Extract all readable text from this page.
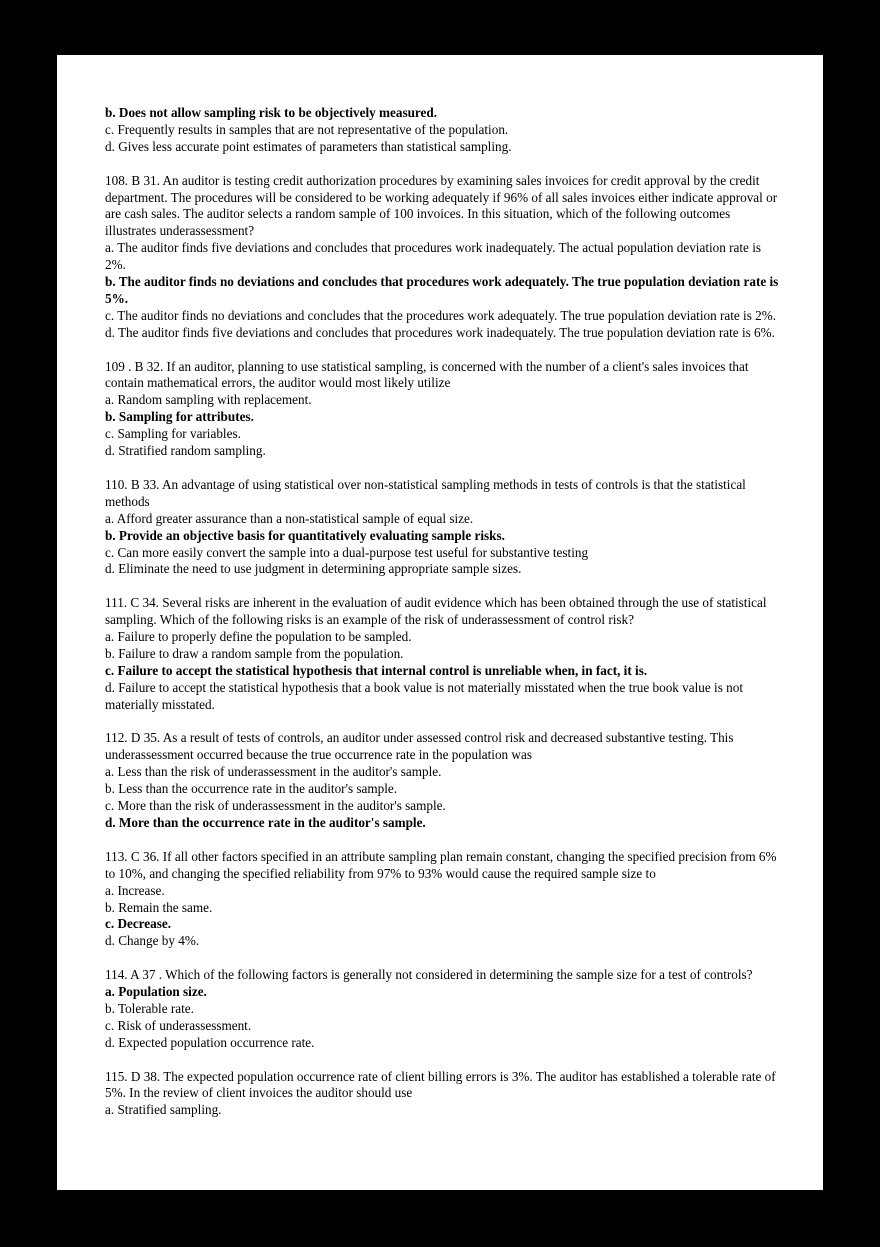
b. Does not allow sampling risk to be objectively measured.
c. Frequently results in samples that are not representative of the population.
d. Gives less accurate point estimates of parameters than statistical sampling.
108. B 31. An auditor is testing credit authorization procedures by examining sales invoices for credit approval by the credit department. The procedures will be considered to be working adequately if 96% of all sales invoices either indicate approval or are cash sales. The auditor selects a random sample of 100 invoices. In this situation, which of the following outcomes illustrates underassessment?
a. The auditor finds five deviations and concludes that procedures work inadequately. The actual population deviation rate is 2%.
b. The auditor finds no deviations and concludes that procedures work adequately. The true population deviation rate is 5%.
c. The auditor finds no deviations and concludes that the procedures work adequately. The true population deviation rate is 2%.
d. The auditor finds five deviations and concludes that procedures work inadequately. The true population deviation rate is 6%.
109 . B 32. If an auditor, planning to use statistical sampling, is concerned with the number of a client's sales invoices that contain mathematical errors, the auditor would most likely utilize
a. Random sampling with replacement.
b. Sampling for attributes.
c. Sampling for variables.
d. Stratified random sampling.
110. B 33. An advantage of using statistical over non-statistical sampling methods in tests of controls is that the statistical methods
a. Afford greater assurance than a non-statistical sample of equal size.
b. Provide an objective basis for quantitatively evaluating sample risks.
c. Can more easily convert the sample into a dual-purpose test useful for substantive testing
d. Eliminate the need to use judgment in determining appropriate sample sizes.
111. C 34. Several risks are inherent in the evaluation of audit evidence which has been obtained through the use of statistical sampling. Which of the following risks is an example of the risk of underassessment of control risk?
a. Failure to properly define the population to be sampled.
b. Failure to draw a random sample from the population.
c. Failure to accept the statistical hypothesis that internal control is unreliable when, in fact, it is.
d. Failure to accept the statistical hypothesis that a book value is not materially misstated when the true book value is not materially misstated.
112. D 35. As a result of tests of controls, an auditor under assessed control risk and decreased substantive testing. This underassessment occurred because the true occurrence rate in the population was
a. Less than the risk of underassessment in the auditor's sample.
b. Less than the occurrence rate in the auditor's sample.
c. More than the risk of underassessment in the auditor's sample.
d. More than the occurrence rate in the auditor's sample.
113. C 36. If all other factors specified in an attribute sampling plan remain constant, changing the specified precision from 6% to 10%, and changing the specified reliability from 97% to 93% would cause the required sample size to
a. Increase.
b. Remain the same.
c. Decrease.
d. Change by 4%.
114. A 37 . Which of the following factors is generally not considered in determining the sample size for a test of controls?
a. Population size.
b. Tolerable rate.
c. Risk of underassessment.
d. Expected population occurrence rate.
115. D 38. The expected population occurrence rate of client billing errors is 3%. The auditor has established a tolerable rate of 5%. In the review of client invoices the auditor should use
a. Stratified sampling.
